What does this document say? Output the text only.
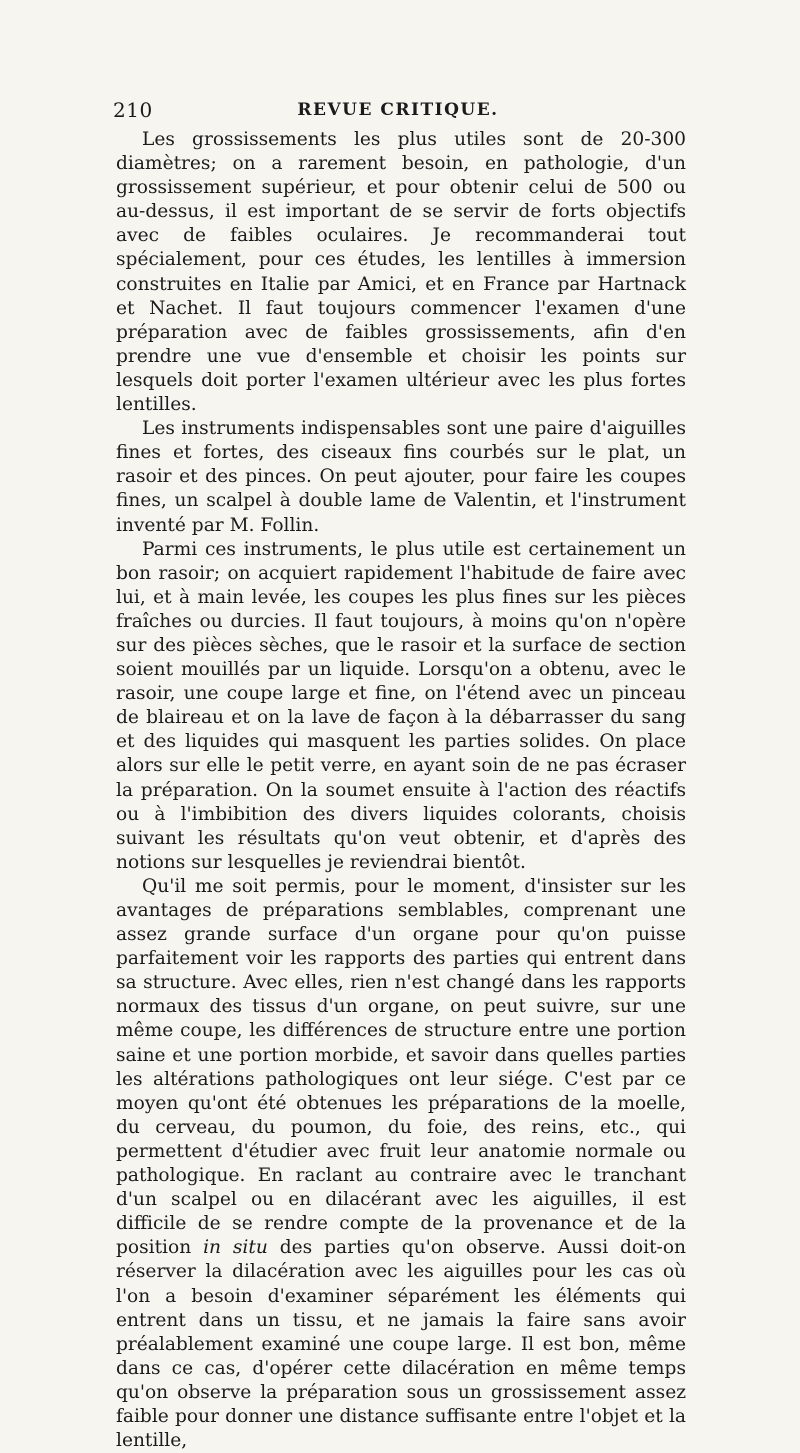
210	REVUE CRITIQUE.

Les grossissements les plus utiles sont de 20-300 diamètres; on a rarement besoin, en pathologie, d'un grossissement supérieur, et pour obtenir celui de 500 ou au-dessus, il est important de se servir de forts objectifs avec de faibles oculaires. Je recommanderai tout spécialement, pour ces études, les lentilles à immersion construites en Italie par Amici, et en France par Hartnack et Nachet. Il faut toujours commencer l'examen d'une préparation avec de faibles grossissements, afin d'en prendre une vue d'ensemble et choisir les points sur lesquels doit porter l'examen ultérieur avec les plus fortes lentilles.

Les instruments indispensables sont une paire d'aiguilles fines et fortes, des ciseaux fins courbés sur le plat, un rasoir et des pinces. On peut ajouter, pour faire les coupes fines, un scalpel à double lame de Valentin, et l'instrument inventé par M. Follin.

Parmi ces instruments, le plus utile est certainement un bon rasoir; on acquiert rapidement l'habitude de faire avec lui, et à main levée, les coupes les plus fines sur les pièces fraîches ou durcies. Il faut toujours, à moins qu'on n'opère sur des pièces sèches, que le rasoir et la surface de section soient mouillés par un liquide. Lorsqu'on a obtenu, avec le rasoir, une coupe large et fine, on l'étend avec un pinceau de blaireau et on la lave de façon à la débarrasser du sang et des liquides qui masquent les parties solides. On place alors sur elle le petit verre, en ayant soin de ne pas écraser la préparation. On la soumet ensuite à l'action des réactifs ou à l'imbibition des divers liquides colorants, choisis suivant les résultats qu'on veut obtenir, et d'après des notions sur lesquelles je reviendrai bientôt.

Qu'il me soit permis, pour le moment, d'insister sur les avantages de préparations semblables, comprenant une assez grande surface d'un organe pour qu'on puisse parfaitement voir les rapports des parties qui entrent dans sa structure. Avec elles, rien n'est changé dans les rapports normaux des tissus d'un organe, on peut suivre, sur une même coupe, les différences de structure entre une portion saine et une portion morbide, et savoir dans quelles parties les altérations pathologiques ont leur siége. C'est par ce moyen qu'ont été obtenues les préparations de la moelle, du cerveau, du poumon, du foie, des reins, etc., qui permettent d'étudier avec fruit leur anatomie normale ou pathologique. En raclant au contraire avec le tranchant d'un scalpel ou en dilacérant avec les aiguilles, il est difficile de se rendre compte de la provenance et de la position in situ des parties qu'on observe. Aussi doit-on réserver la dilacération avec les aiguilles pour les cas où l'on a besoin d'examiner séparément les éléments qui entrent dans un tissu, et ne jamais la faire sans avoir préalablement examiné une coupe large. Il est bon, même dans ce cas, d'opérer cette dilacération en même temps qu'on observe la préparation sous un grossissement assez faible pour donner une distance suffisante entre l'objet et la lentille,
